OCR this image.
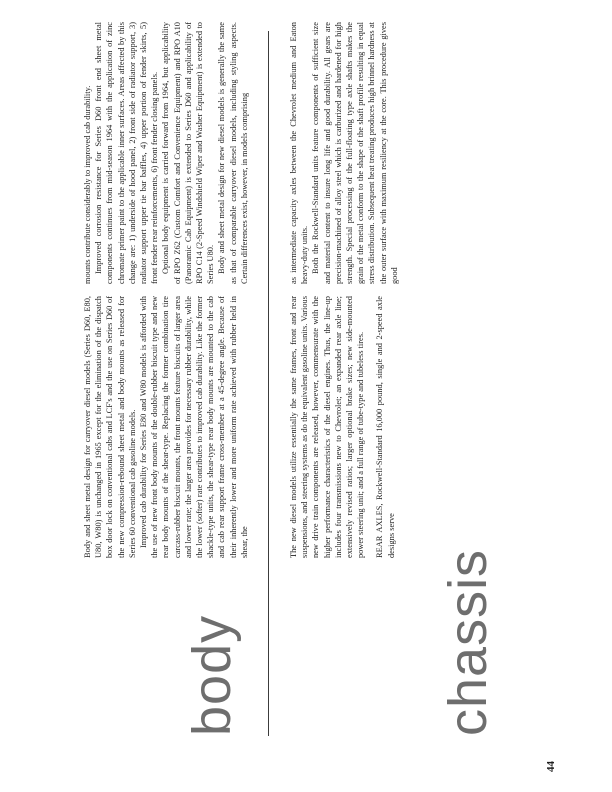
body

Body and sheet metal design for carryover diesel models (Series D60, E80, U80, W80) is unchanged in 1965 except for the elimination of the dispatch box door lock on conventional cabs and LCF's and the use on Series D60 of the new compression-rebound sheet metal and body mounts as released for Series 60 conventional cab gasoline models. Improved cab durability for Series E80 and W80 models is afforded with the use of new front body mounts of the double-rubber biscuit type and new rear body mounts of the shear-type. Replacing the former combination tire carcass-rubber biscuit mounts, the front mounts feature biscuits of larger area and lower rate; the larger area provides for necessary rubber durability, while the lower (softer) rate contributes to improved cab durability. Like the former shackle-type units, the shear-type rear body mounts are mounted to the cab and cab rear support frame cross-member at a 45-degree angle. Because of their inherently lower and more uniform rate achieved with rubber held in shear, the

mounts contribute considerably to improved cab durability. Improved corrosion resistance for Series D60 front end sheet metal components continues from mid-season 1964 with the application of zinc chromate primer paint to the applicable inner surfaces. Areas affected by this change are: 1) underside of hood panel, 2) front side of radiator support, 3) radiator support upper tie bar baffles, 4) upper portion of fender skirts, 5) front fender rear reinforcements, 6) front fender closing panels. Optional body equipment is carried forward from 1964, but applicability of RPO Z62 (Custom Comfort and Convenience Equipment) and RPO A10 (Panoramic Cab Equipment) is extended to Series D60 and applicability of RPO C14 (2-Speed Windshield Wiper and Washer Equipment) is extended to Series U80. Body and sheet metal design for new diesel models is generally the same as that of comparable carryover diesel models, including styling aspects. Certain differences exist, however, in models comprising

chassis

The new diesel models utilize essentially the same frames, front and rear suspensions, and steering systems as do the equivalent gasoline units. Various new drive train components are released, however, commensurate with the higher performance characteristics of the diesel engines. Thus, the line-up includes four transmissions new to Chevrolet; an expanded rear axle line; extensively revised ratios; larger optional brake sizes; new side-mounted power steering unit; and a full range of tube-type and tubeless tires. REAR AXLES, Rockwell-Standard 16,000 pound, single and 2-speed axle designs serve

as intermediate capacity axles between the Chevrolet medium and Eaton heavy-duty units. Both the Rockwell-Standard units feature components of sufficient size and material content to insure long life and good durability. All gears are precision-machined of alloy steel which is carburized and hardened for high strength. Special processing of the full-floating type axle shafts makes the grain of the metal conform to the shape of the shaft profile resulting in equal stress distribution. Subsequent heat treating produces high brinnel hardness at the outer surface with maximum resiliency at the core. This procedure gives good

44
